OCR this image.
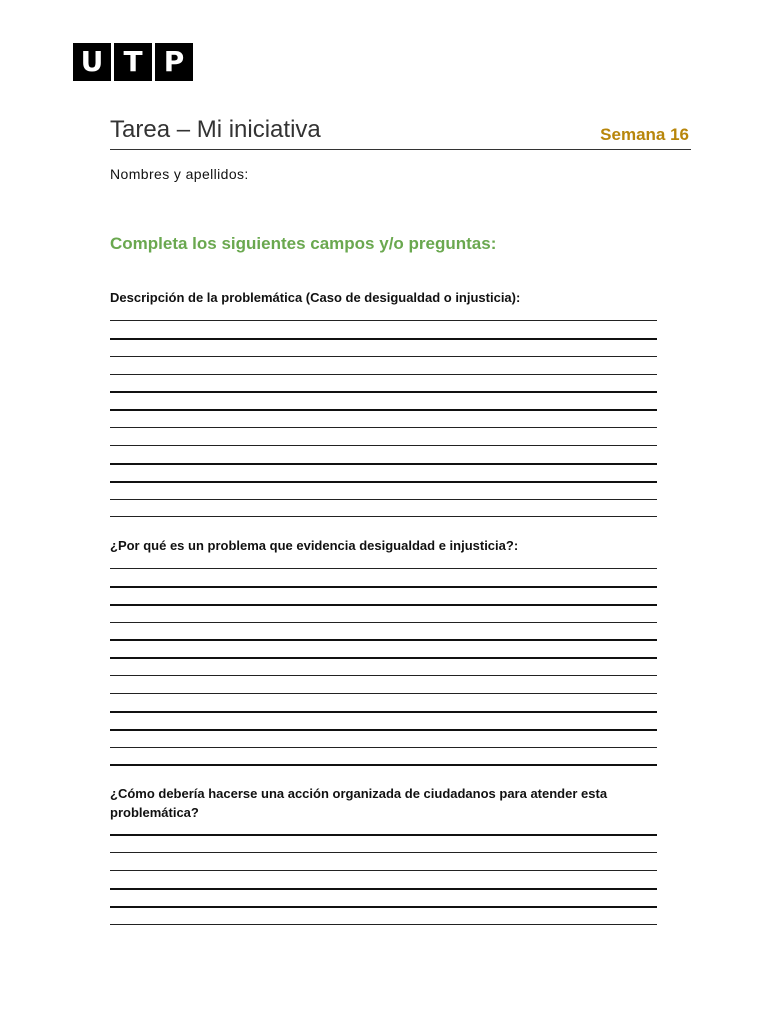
U T P
Tarea – Mi iniciativa	Semana 16
Nombres y apellidos:
Completa los siguientes campos y/o preguntas:
Descripción de la problemática (Caso de desigualdad o injusticia):
¿Por qué es un problema que evidencia desigualdad e injusticia?:
¿Cómo debería hacerse una acción organizada de ciudadanos para atender esta problemática?
